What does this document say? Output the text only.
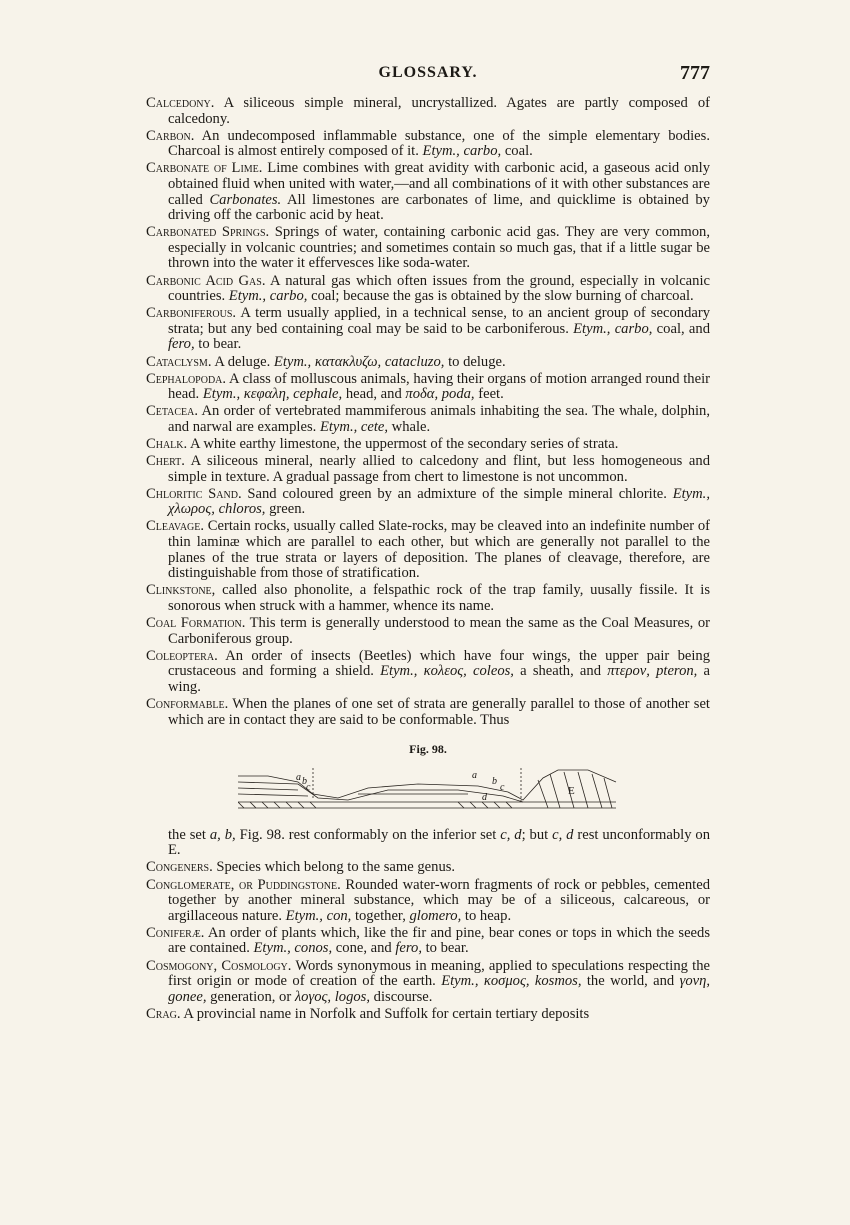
GLOSSARY.	777

Calcedony. A siliceous simple mineral, uncrystallized. Agates are partly composed of calcedony.

Carbon. An undecomposed inflammable substance, one of the simple elementary bodies. Charcoal is almost entirely composed of it. Etym., carbo, coal.

Carbonate of Lime. Lime combines with great avidity with carbonic acid, a gaseous acid only obtained fluid when united with water,—and all combinations of it with other substances are called Carbonates. All limestones are carbonates of lime, and quicklime is obtained by driving off the carbonic acid by heat.

Carbonated Springs. Springs of water, containing carbonic acid gas. They are very common, especially in volcanic countries; and sometimes contain so much gas, that if a little sugar be thrown into the water it effervesces like soda-water.

Carbonic Acid Gas. A natural gas which often issues from the ground, especially in volcanic countries. Etym., carbo, coal; because the gas is obtained by the slow burning of charcoal.

Carboniferous. A term usually applied, in a technical sense, to an ancient group of secondary strata; but any bed containing coal may be said to be carboniferous. Etym., carbo, coal, and fero, to bear.

Cataclysm. A deluge. Etym., κατακλυζω, catacluzo, to deluge.

Cephalopoda. A class of molluscous animals, having their organs of motion arranged round their head. Etym., κεφαλη, cephale, head, and ποδα, poda, feet.

Cetacea. An order of vertebrated mammiferous animals inhabiting the sea. The whale, dolphin, and narwal are examples. Etym., cete, whale.

Chalk. A white earthy limestone, the uppermost of the secondary series of strata.

Chert. A siliceous mineral, nearly allied to calcedony and flint, but less homogeneous and simple in texture. A gradual passage from chert to limestone is not uncommon.

Chloritic Sand. Sand coloured green by an admixture of the simple mineral chlorite. Etym., χλωρος, chloros, green.

Cleavage. Certain rocks, usually called Slate-rocks, may be cleaved into an indefinite number of thin laminæ which are parallel to each other, but which are generally not parallel to the planes of the true strata or layers of deposition. The planes of cleavage, therefore, are distinguishable from those of stratification.

Clinkstone, called also phonolite, a felspathic rock of the trap family, uusally fissile. It is sonorous when struck with a hammer, whence its name.

Coal Formation. This term is generally understood to mean the same as the Coal Measures, or Carboniferous group.

Coleoptera. An order of insects (Beetles) which have four wings, the upper pair being crustaceous and forming a shield. Etym., κολεος, coleos, a sheath, and πτερον, pteron, a wing.

Conformable. When the planes of one set of strata are generally parallel to those of another set which are in contact they are said to be conformable. Thus

Fig. 98.
a b
c
a
b
c
d
E

the set a, b, Fig. 98. rest conformably on the inferior set c, d; but c, d rest unconformably on E.

Congeners. Species which belong to the same genus.

Conglomerate, or Puddingstone. Rounded water-worn fragments of rock or pebbles, cemented together by another mineral substance, which may be of a siliceous, calcareous, or argillaceous nature. Etym., con, together, glomero, to heap.

Coniferæ. An order of plants which, like the fir and pine, bear cones or tops in which the seeds are contained. Etym., conos, cone, and fero, to bear.

Cosmogony, Cosmology. Words synonymous in meaning, applied to speculations respecting the first origin or mode of creation of the earth. Etym., κοσμος, kosmos, the world, and γονη, gonee, generation, or λογος, logos, discourse.

Crag. A provincial name in Norfolk and Suffolk for certain tertiary deposits
